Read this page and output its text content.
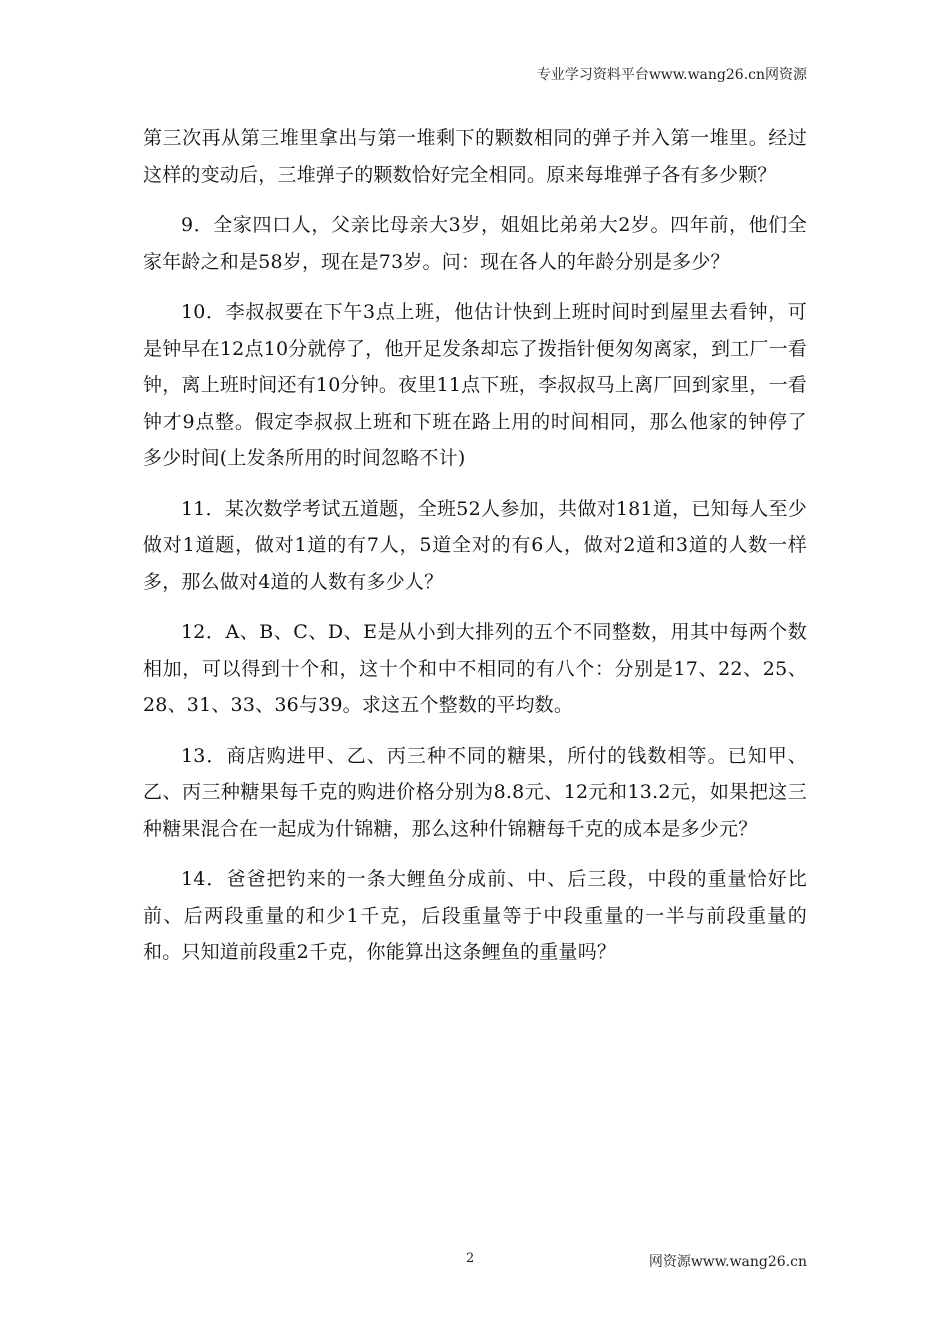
专业学习资料平台www.wang26.cn网资源

第三次再从第三堆里拿出与第一堆剩下的颗数相同的弹子并入第一堆里。经过这样的变动后，三堆弹子的颗数恰好完全相同。原来每堆弹子各有多少颗？

9．全家四口人，父亲比母亲大3岁，姐姐比弟弟大2岁。四年前，他们全家年龄之和是58岁，现在是73岁。问：现在各人的年龄分别是多少？

10．李叔叔要在下午3点上班，他估计快到上班时间时到屋里去看钟，可是钟早在12点10分就停了，他开足发条却忘了拨指针便匆匆离家，到工厂一看钟，离上班时间还有10分钟。夜里11点下班，李叔叔马上离厂回到家里，一看钟才9点整。假定李叔叔上班和下班在路上用的时间相同，那么他家的钟停了多少时间(上发条所用的时间忽略不计)

11．某次数学考试五道题，全班52人参加，共做对181道，已知每人至少做对1道题，做对1道的有7人，5道全对的有6人，做对2道和3道的人数一样多，那么做对4道的人数有多少人？

12．A、B、C、D、E是从小到大排列的五个不同整数，用其中每两个数相加，可以得到十个和，这十个和中不相同的有八个：分别是17、22、25、28、31、33、36与39。求这五个整数的平均数。

13．商店购进甲、乙、丙三种不同的糖果，所付的钱数相等。已知甲、乙、丙三种糖果每千克的购进价格分别为8.8元、12元和13.2元，如果把这三种糖果混合在一起成为什锦糖，那么这种什锦糖每千克的成本是多少元？

14．爸爸把钓来的一条大鲤鱼分成前、中、后三段，中段的重量恰好比前、后两段重量的和少1千克，后段重量等于中段重量的一半与前段重量的和。只知道前段重2千克，你能算出这条鲤鱼的重量吗？

2	网资源www.wang26.cn
